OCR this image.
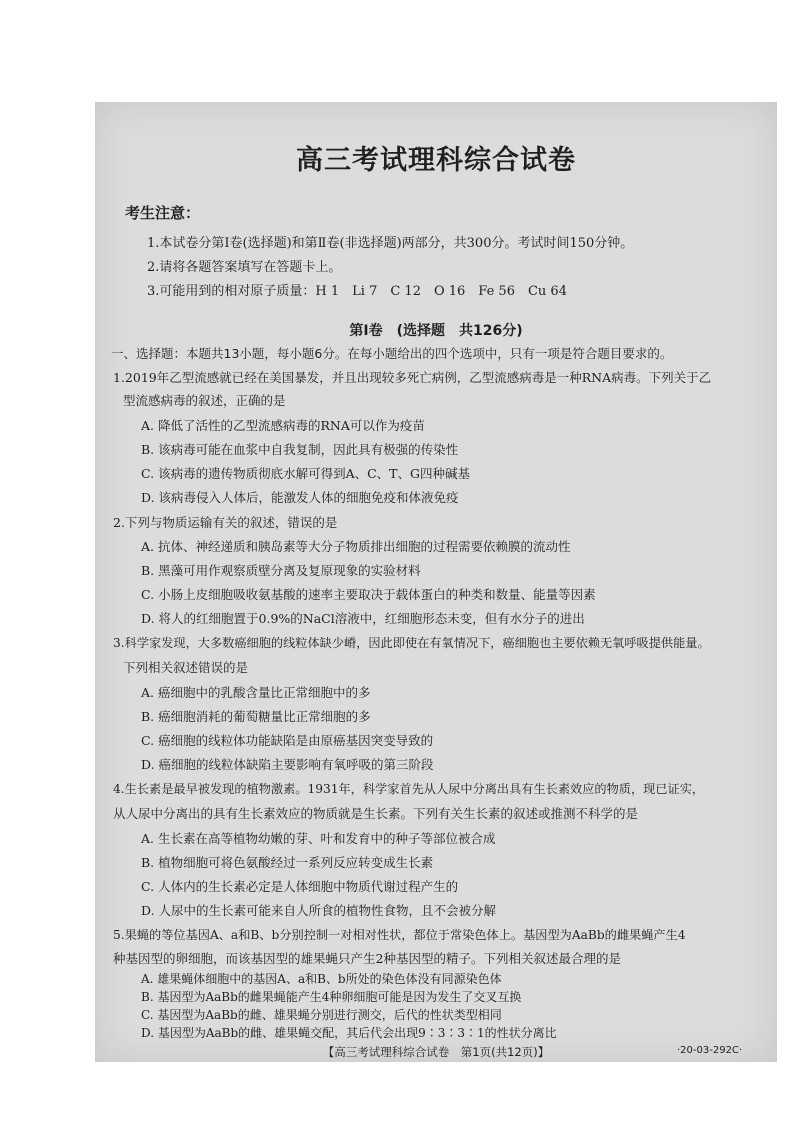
高三考试理科综合试卷
考生注意：
1.本试卷分第Ⅰ卷(选择题)和第Ⅱ卷(非选择题)两部分，共300分。考试时间150分钟。
2.请将各题答案填写在答题卡上。
3.可能用到的相对原子质量：H 1　Li 7　C 12　O 16　Fe 56　Cu 64
第Ⅰ卷　(选择题　共126分)
一、选择题：本题共13小题，每小题6分。在每小题给出的四个选项中，只有一项是符合题目要求的。
1.2019年乙型流感就已经在美国暴发，并且出现较多死亡病例，乙型流感病毒是一种RNA病毒。下列关于乙
型流感病毒的叙述，正确的是
A. 降低了活性的乙型流感病毒的RNA可以作为疫苗
B. 该病毒可能在血浆中自我复制，因此具有极强的传染性
C. 该病毒的遗传物质彻底水解可得到A、C、T、G四种碱基
D. 该病毒侵入人体后，能激发人体的细胞免疫和体液免疫
2.下列与物质运输有关的叙述，错误的是
A. 抗体、神经递质和胰岛素等大分子物质排出细胞的过程需要依赖膜的流动性
B. 黑藻可用作观察质壁分离及复原现象的实验材料
C. 小肠上皮细胞吸收氨基酸的速率主要取决于载体蛋白的种类和数量、能量等因素
D. 将人的红细胞置于0.9%的NaCl溶液中，红细胞形态未变，但有水分子的进出
3.科学家发现，大多数癌细胞的线粒体缺少嵴，因此即使在有氧情况下，癌细胞也主要依赖无氧呼吸提供能量。
下列相关叙述错误的是
A. 癌细胞中的乳酸含量比正常细胞中的多
B. 癌细胞消耗的葡萄糖量比正常细胞的多
C. 癌细胞的线粒体功能缺陷是由原癌基因突变导致的
D. 癌细胞的线粒体缺陷主要影响有氧呼吸的第三阶段
4.生长素是最早被发现的植物激素。1931年，科学家首先从人尿中分离出具有生长素效应的物质，现已证实，
从人尿中分离出的具有生长素效应的物质就是生长素。下列有关生长素的叙述或推测不科学的是
A. 生长素在高等植物幼嫩的芽、叶和发育中的种子等部位被合成
B. 植物细胞可将色氨酸经过一系列反应转变成生长素
C. 人体内的生长素必定是人体细胞中物质代谢过程产生的
D. 人尿中的生长素可能来自人所食的植物性食物，且不会被分解
5.果蝇的等位基因A、a和B、b分别控制一对相对性状，都位于常染色体上。基因型为AaBb的雌果蝇产生4
种基因型的卵细胞，而该基因型的雄果蝇只产生2种基因型的精子。下列相关叙述最合理的是
A. 雄果蝇体细胞中的基因A、a和B、b所处的染色体没有同源染色体
B. 基因型为AaBb的雌果蝇能产生4种卵细胞可能是因为发生了交叉互换
C. 基因型为AaBb的雌、雄果蝇分别进行测交，后代的性状类型相同
D. 基因型为AaBb的雌、雄果蝇交配，其后代会出现9∶3∶3∶1的性状分离比
【高三考试理科综合试卷　第1页(共12页)】	·20-03-292C·
